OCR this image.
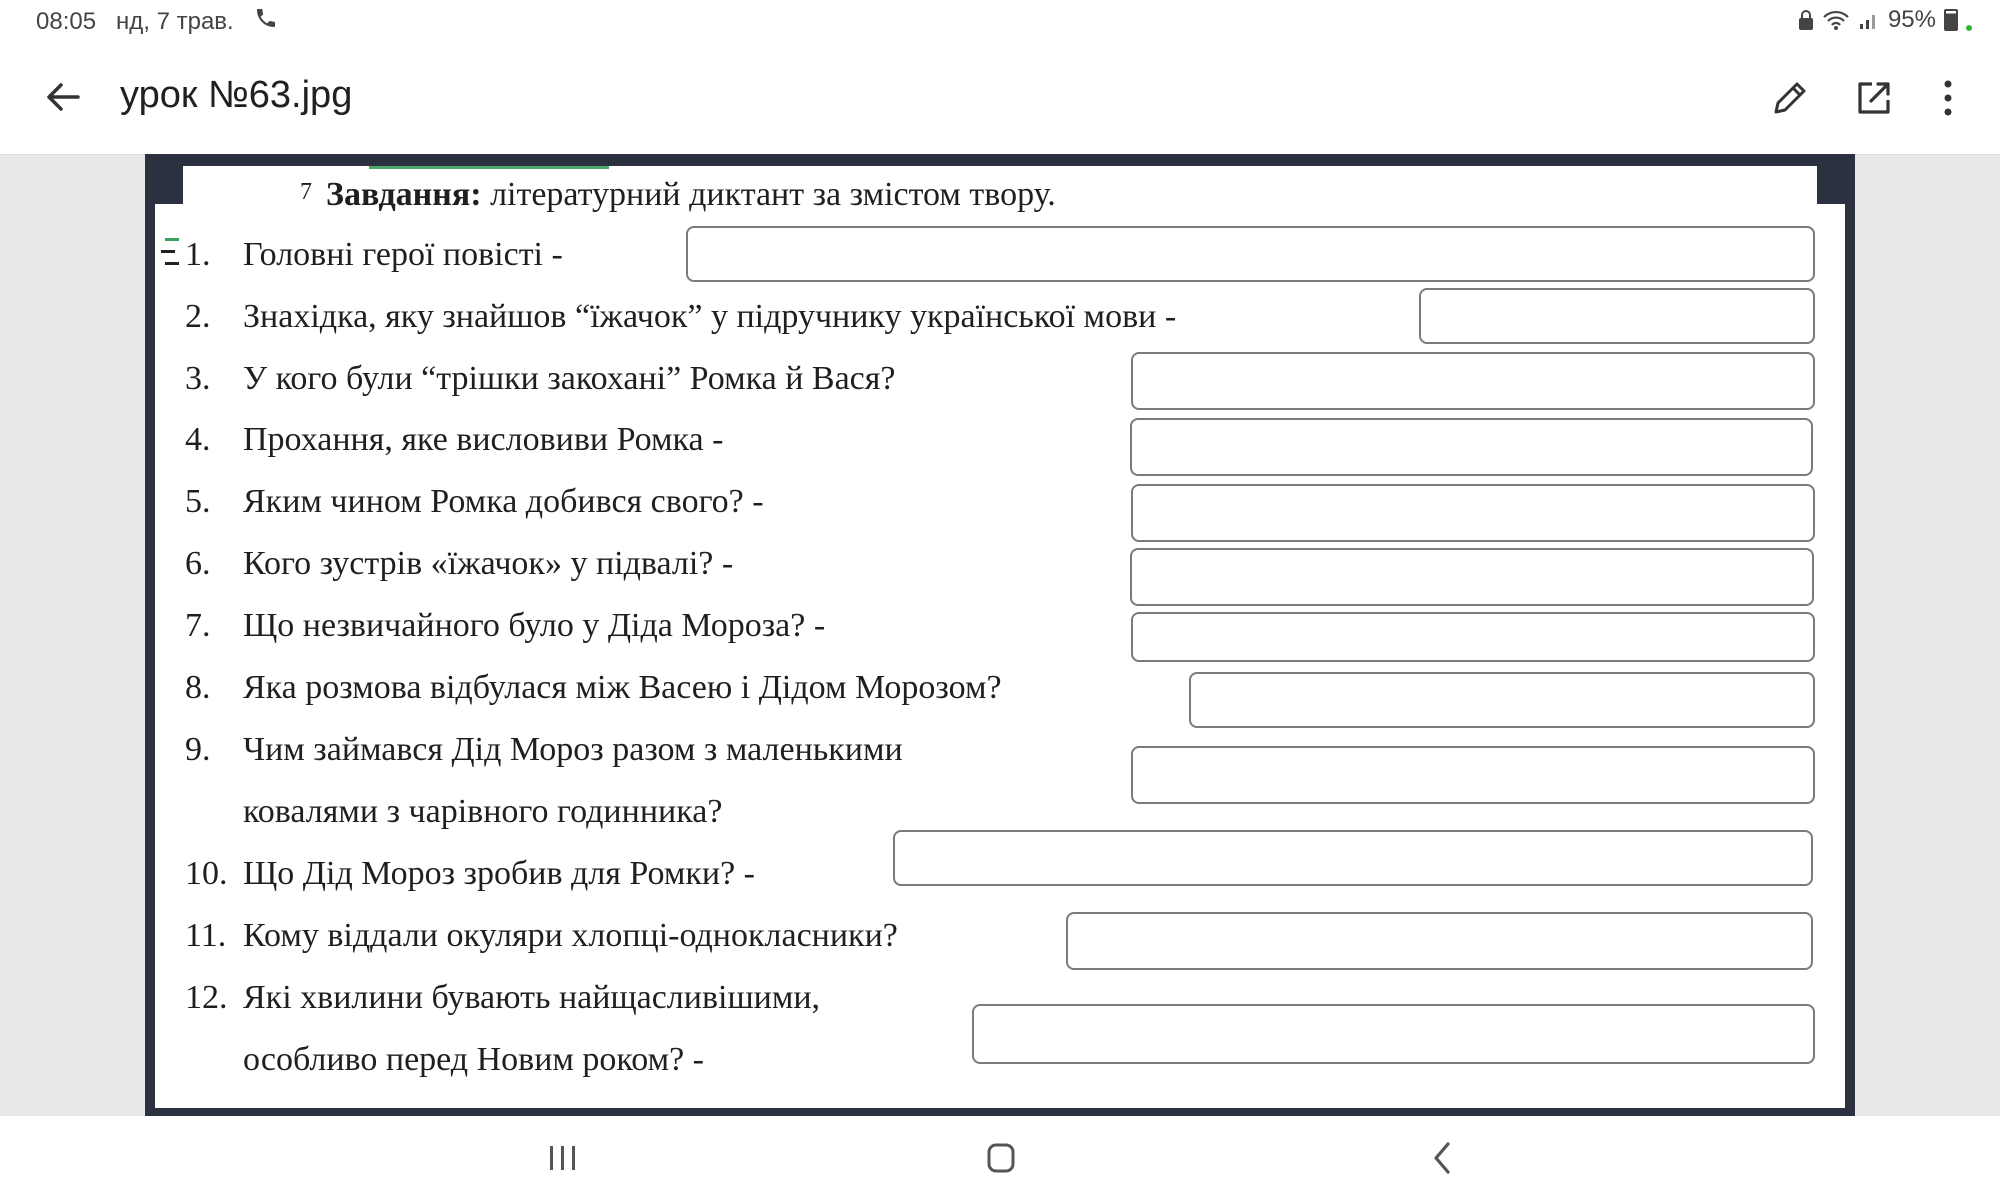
08:05 нд, 7 трав.	95%
урок №63.jpg
7 Завдання: літературний диктант за змістом твору.
1. Головні герої повісті -
2. Знахідка, яку знайшов “їжачок” у підручнику української мови -
3. У кого були “трішки закохані” Ромка й Вася?
4. Прохання, яке висловиви Ромка -
5. Яким чином Ромка добився свого? -
6. Кого зустрів «їжачок» у підвалі? -
7. Що незвичайного було у Діда Мороза? -
8. Яка розмова відбулася між Васею і Дідом Морозом?
9. Чим займався Дід Мороз разом з маленькими
ковалями з чарівного годинника?
10. Що Дід Мороз зробив для Ромки? -
11. Кому віддали окуляри хлопці-однокласники?
12. Які хвилини бувають найщасливішими,
особливо перед Новим роком? -
